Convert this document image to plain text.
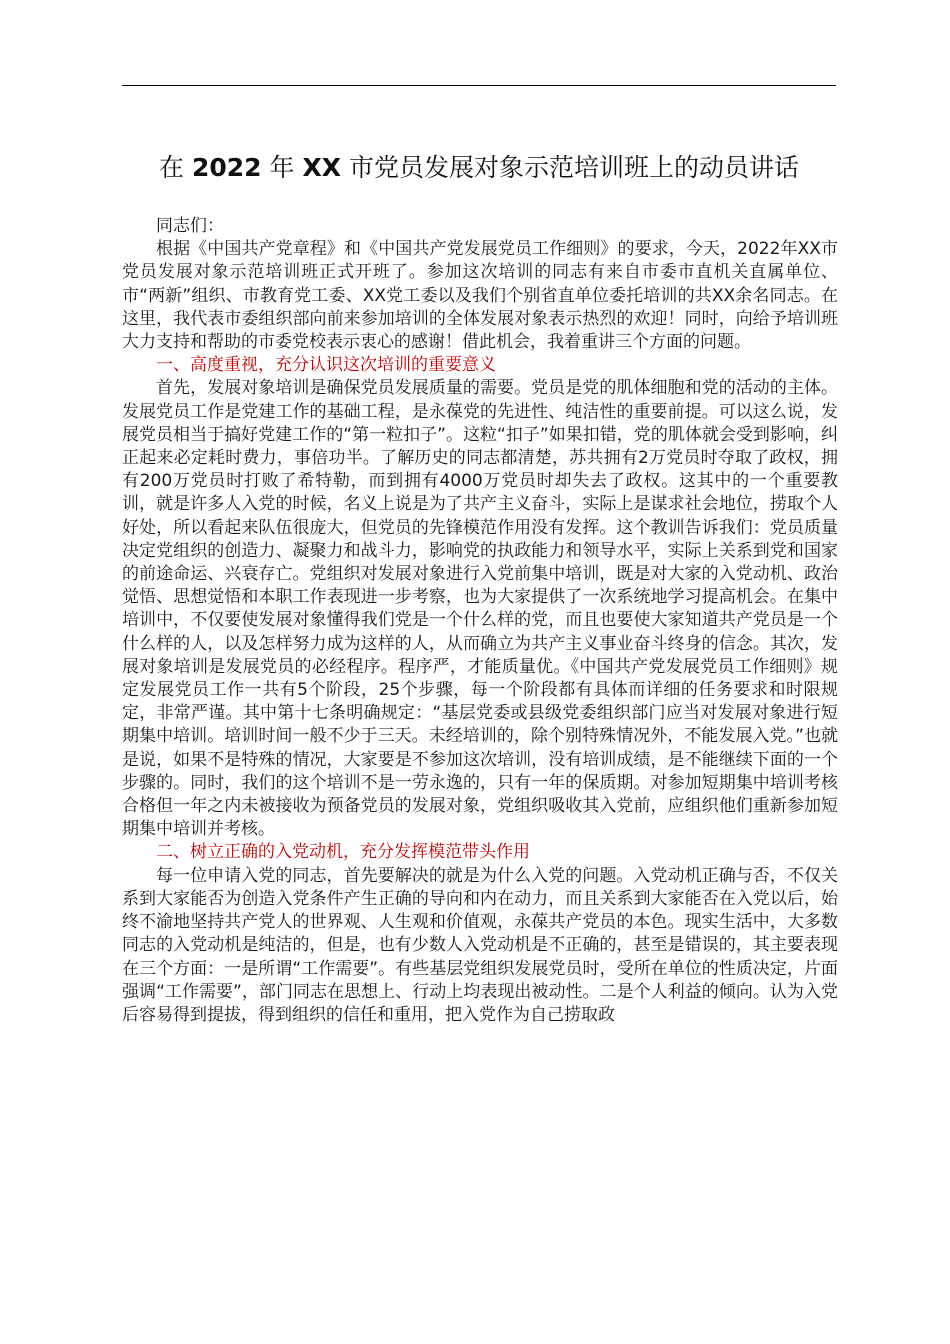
在 2022 年 XX 市党员发展对象示范培训班上的动员讲话

同志们：

根据《中国共产党章程》和《中国共产党发展党员工作细则》的要求，今天，2022年XX市党员发展对象示范培训班正式开班了。参加这次培训的同志有来自市委市直机关直属单位、市“两新”组织、市教育党工委、XX党工委以及我们个别省直单位委托培训的共XX余名同志。在这里，我代表市委组织部向前来参加培训的全体发展对象表示热烈的欢迎！同时，向给予培训班大力支持和帮助的市委党校表示衷心的感谢！借此机会，我着重讲三个方面的问题。

一、高度重视，充分认识这次培训的重要意义

首先，发展对象培训是确保党员发展质量的需要。党员是党的肌体细胞和党的活动的主体。发展党员工作是党建工作的基础工程，是永葆党的先进性、纯洁性的重要前提。可以这么说，发展党员相当于搞好党建工作的“第一粒扣子”。这粒“扣子”如果扣错，党的肌体就会受到影响，纠正起来必定耗时费力，事倍功半。了解历史的同志都清楚，苏共拥有2万党员时夺取了政权，拥有200万党员时打败了希特勒，而到拥有4000万党员时却失去了政权。这其中的一个重要教训，就是许多人入党的时候，名义上说是为了共产主义奋斗，实际上是谋求社会地位，捞取个人好处，所以看起来队伍很庞大，但党员的先锋模范作用没有发挥。这个教训告诉我们：党员质量决定党组织的创造力、凝聚力和战斗力，影响党的执政能力和领导水平，实际上关系到党和国家的前途命运、兴衰存亡。党组织对发展对象进行入党前集中培训，既是对大家的入党动机、政治觉悟、思想觉悟和本职工作表现进一步考察，也为大家提供了一次系统地学习提高机会。在集中培训中，不仅要使发展对象懂得我们党是一个什么样的党，而且也要使大家知道共产党员是一个什么样的人，以及怎样努力成为这样的人，从而确立为共产主义事业奋斗终身的信念。其次，发展对象培训是发展党员的必经程序。程序严，才能质量优。《中国共产党发展党员工作细则》规定发展党员工作一共有5个阶段，25个步骤，每一个阶段都有具体而详细的任务要求和时限规定，非常严谨。其中第十七条明确规定：“基层党委或县级党委组织部门应当对发展对象进行短期集中培训。培训时间一般不少于三天。未经培训的，除个别特殊情况外，不能发展入党。”也就是说，如果不是特殊的情况，大家要是不参加这次培训，没有培训成绩，是不能继续下面的一个步骤的。同时，我们的这个培训不是一劳永逸的，只有一年的保质期。对参加短期集中培训考核合格但一年之内未被接收为预备党员的发展对象，党组织吸收其入党前，应组织他们重新参加短期集中培训并考核。

二、树立正确的入党动机，充分发挥模范带头作用

每一位申请入党的同志，首先要解决的就是为什么入党的问题。入党动机正确与否，不仅关系到大家能否为创造入党条件产生正确的导向和内在动力，而且关系到大家能否在入党以后，始终不渝地坚持共产党人的世界观、人生观和价值观，永葆共产党员的本色。现实生活中，大多数同志的入党动机是纯洁的，但是，也有少数人入党动机是不正确的，甚至是错误的，其主要表现在三个方面：一是所谓“工作需要”。有些基层党组织发展党员时，受所在单位的性质决定，片面强调“工作需要”，部门同志在思想上、行动上均表现出被动性。二是个人利益的倾向。认为入党后容易得到提拔，得到组织的信任和重用，把入党作为自己捞取政
